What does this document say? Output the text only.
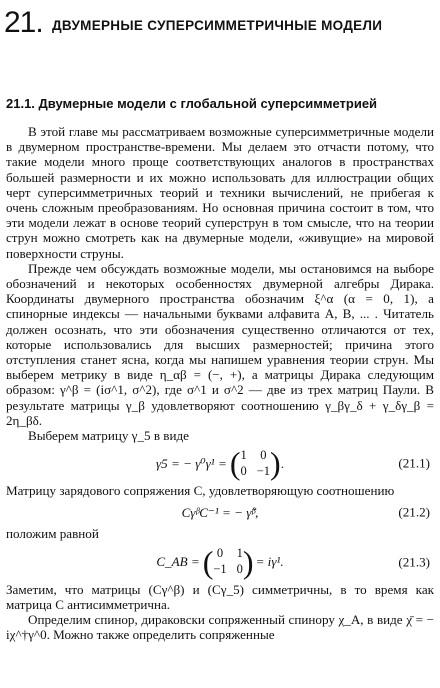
21. ДВУМЕРНЫЕ СУПЕРСИММЕТРИЧНЫЕ МОДЕЛИ
21.1. Двумерные модели с глобальной суперсимметрией

В этой главе мы рассматриваем возможные суперсимметричные модели в двумерном пространстве-времени. Мы делаем это отчасти потому, что такие модели много проще соответствующих аналогов в пространствах большей размерности и их можно использовать для иллюстрации общих черт суперсимметричных теорий и техники вычислений, не прибегая к очень сложным преобразованиям. Но основная причина состоит в том, что эти модели лежат в основе теорий суперструн в том смысле, что на теории струн можно смотреть как на двумерные модели, «живущие» на мировой поверхности струны.

Прежде чем обсуждать возможные модели, мы остановимся на выборе обозначений и некоторых особенностях двумерной алгебры Дирака. Координаты двумерного пространства обозначим ξ^α (α = 0, 1), а спинорные индексы — начальными буквами алфавита A, B, ... . Читатель должен осознать, что эти обозначения существенно отличаются от тех, которые использовались для высших размерностей; причина этого отступления станет ясна, когда мы напишем уравнения теории струн. Мы выберем метрику в виде η_αβ = (−, +), а матрицы Дирака следующим образом: γ^β = (iσ^1, σ^2), где σ^1 и σ^2 — две из трех матриц Паули. В результате матрицы γ_β удовлетворяют соотношению γ_βγ_δ + γ_δγ_β = 2η_βδ.

Выберем матрицу γ_5 в виде

γ5 = − γ⁰γ¹ = ( 1 0
0 −1 ) .	(21.1)

Матрицу зарядового сопряжения C, удовлетворяющую соотношению

CγᵝC⁻¹ = − γ̃ᵝ,	(21.2)

положим равной

C_AB = ( 0 1
−1 0 ) = iγ¹.	(21.3)

Заметим, что матрицы (Cγ^β) и (Cγ_5) симметричны, в то время как матрица C антисимметрична.

Определим спинор, дираковски сопряженный спинору χ_A, в виде χ̄ = − iχ^†γ^0. Можно также определить сопряженные
